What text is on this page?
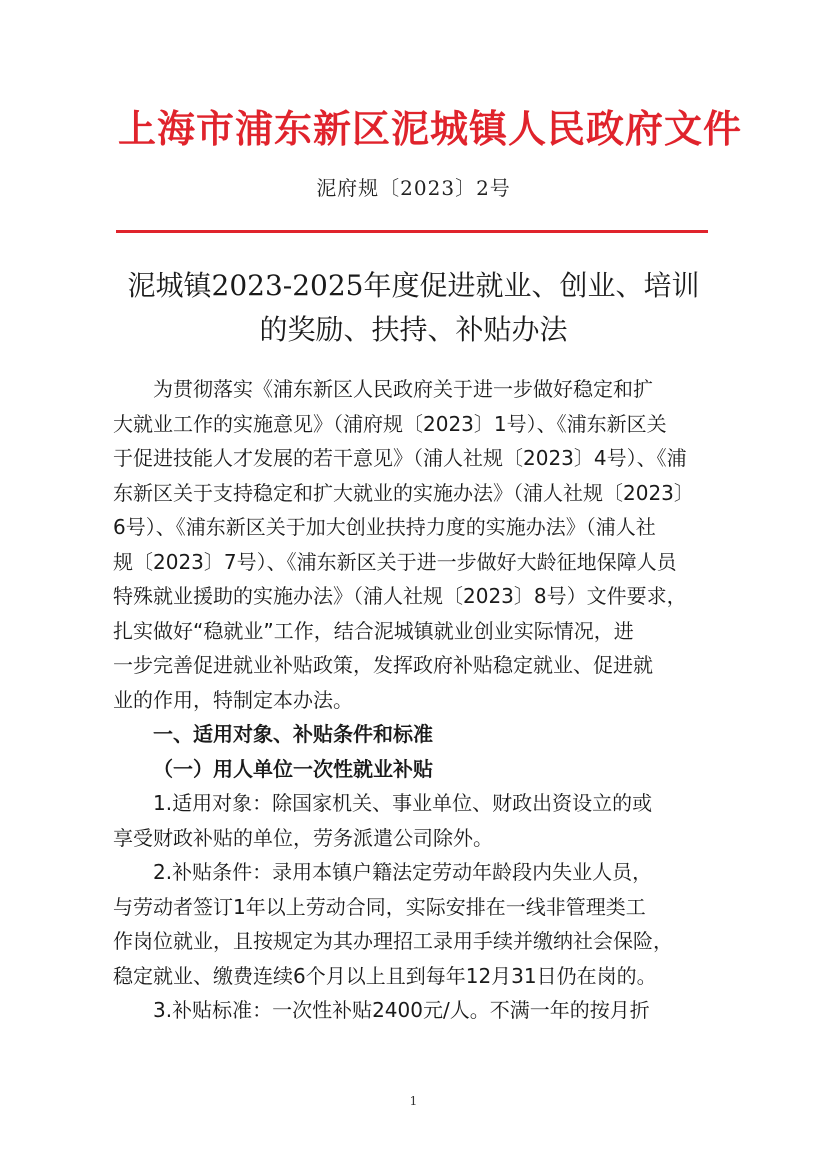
上海市浦东新区泥城镇人民政府文件
泥府规〔2023〕2号
泥城镇2023-2025年度促进就业、创业、培训
的奖励、扶持、补贴办法
为贯彻落实《浦东新区人民政府关于进一步做好稳定和扩
大就业工作的实施意见》（浦府规〔2023〕1号）、《浦东新区关
于促进技能人才发展的若干意见》（浦人社规〔2023〕4号）、《浦
东新区关于支持稳定和扩大就业的实施办法》（浦人社规〔2023〕
6号）、《浦东新区关于加大创业扶持力度的实施办法》（浦人社
规〔2023〕7号）、《浦东新区关于进一步做好大龄征地保障人员
特殊就业援助的实施办法》（浦人社规〔2023〕8号）文件要求，
扎实做好“稳就业”工作，结合泥城镇就业创业实际情况，进
一步完善促进就业补贴政策，发挥政府补贴稳定就业、促进就
业的作用，特制定本办法。
一、适用对象、补贴条件和标准
（一）用人单位一次性就业补贴
1.适用对象：除国家机关、事业单位、财政出资设立的或
享受财政补贴的单位，劳务派遣公司除外。
2.补贴条件：录用本镇户籍法定劳动年龄段内失业人员，
与劳动者签订1年以上劳动合同，实际安排在一线非管理类工
作岗位就业，且按规定为其办理招工录用手续并缴纳社会保险，
稳定就业、缴费连续6个月以上且到每年12月31日仍在岗的。
3.补贴标准：一次性补贴2400元/人。不满一年的按月折
1
